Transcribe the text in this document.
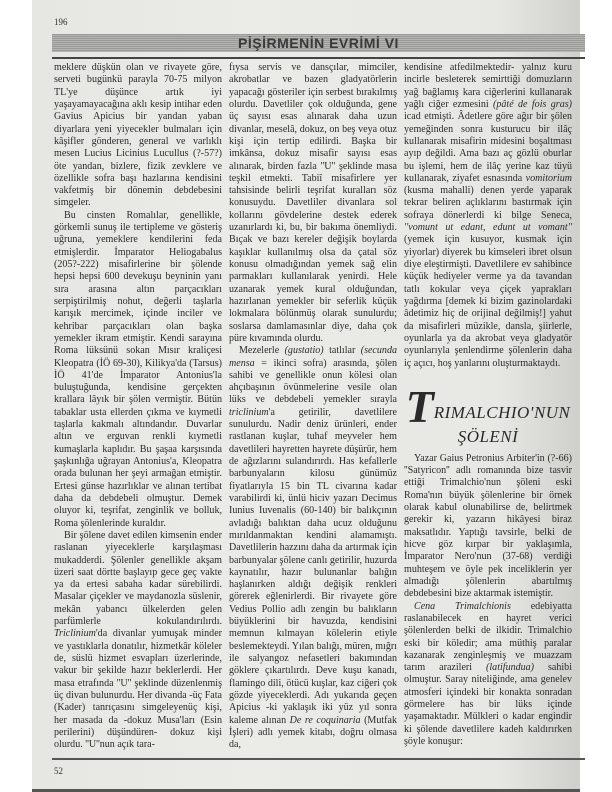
196
PİŞİRMENİN EVRİMİ VI

meklere düşkün olan ve rivayete göre, serveti bugünkü parayla 70-75 milyon TL'ye düşünce artık iyi yaşayamayacağına aklı kesip intihar eden Gavius Apicius bir yandan yaban diyarlara yeni yiyecekler bulmaları için kâşifler gönderen, general ve varlıklı mesen Lucius Licinius Lucullus (?-57?) öte yandan, bizlere, fizik zevklere ve özellikle sofra başı hazlarına kendisini vakfetmiş bir dönemin debdebesini simgeler.

Bu cinsten Romalılar, genellikle, görkemli sunuş ile tertipleme ve gösteriş uğruna, yemeklere kendilerini feda etmişlerdir. İmparator Heliogabalus (205?-222) misafirlerine bir şölende hepsi hepsi 600 devekuşu beyninin yanı sıra arasına altın parçacıkları serpiştirilmiş nohut, değerli taşlarla karışık mercimek, içinde inciler ve kehribar parçacıkları olan başka yemekler ikram etmiştir. Kendi sarayına Roma lüksünü sokan Mısır kraliçesi Kleopatra (İÖ 69-30), Kilikya'da (Tarsus) İÖ 41'de İmparator Antonius'la buluştuğunda, kendisine gerçekten krallara lâyık bir şölen vermiştir. Bütün tabaklar usta ellerden çıkma ve kıymetli taşlarla kakmalı altındandır. Duvarlar altın ve erguvan renkli kıymetli kumaşlarla kaplıdır. Bu şaşaa karşısında şaşkınlığa uğrayan Antonius'a, Kleopatra orada bulunan her şeyi armağan etmiştir. Ertesi günse hazırlıklar ve alınan tertibat daha da debdebeli olmuştur. Demek oluyor ki, teşrifat, zenginlik ve bolluk, Roma şölenlerinde kuraldır.

Bir şölene davet edilen kimsenin ender raslanan yiyeceklerle karşılaşması mukadderdi. Şölenler genellikle akşam üzeri saat dörtte başlayıp gece geç vakte ya da ertesi sabaha kadar sürebilirdi. Masalar çiçekler ve maydanozla süslenir, mekân yabancı ülkelerden gelen parfümlerle kokulandırılırdı. Triclinium'da divanlar yumuşak minder ve yastıklarla donatılır, hizmetkâr köleler de, süslü hizmet esvapları üzerlerinde, vakur bir şekilde hazır beklerlerdi. Her masa etrafında ''U'' şeklinde düzenlenmiş üç divan bulunurdu. Her divanda -üç Fata (Kader) tanrıçasını simgeleyenüç kişi, her masada da -dokuz Musa'ları (Esin perilerini) düşündüren- dokuz kişi olurdu. ''U''nun açık tara-

fıysa servis ve dansçılar, mimciler, akrobatlar ve bazen gladyatörlerin yapacağı gösteriler için serbest bırakılmış olurdu. Davetliler çok olduğunda, gene üç sayısı esas alınarak daha uzun divanlar, meselâ, dokuz, on beş veya otuz kişi için tertip edilirdi. Başka bir imkânsa, dokuz misafir sayısı esas alınarak, birden fazla ''U'' şeklinde masa teşkil etmekti. Tabiî misafirlere yer tahsisinde belirli teşrifat kuralları söz konusuydu. Davetliler divanlara sol kollarını gövdelerine destek ederek uzanırlardı ki, bu, bir bakıma önemliydi. Bıçak ve bazı kereler değişik boylarda kaşıklar kullanılmış olsa da çatal söz konusu olmadığından yemek sağ elin parmakları kullanılarak yenirdi. Hele uzanarak yemek kural olduğundan, hazırlanan yemekler bir seferlik küçük lokmalara bölünmüş olarak sunulurdu; soslarsa damlamasınlar diye, daha çok püre kıvamında olurdu.

Mezelerle (gustatio) tatlılar (secunda mensa = ikinci sofra) arasında, şölen sahibi ve genellikle onun kölesi olan ahçıbaşının övünmelerine vesile olan lüks ve debdebeli yemekler sırayla triclinium'a getirilir, davetlilere sunulurdu. Nadir deniz ürünleri, ender rastlanan kuşlar, tuhaf meyveler hem davetlileri hayretten hayrete düşürür, hem de ağızlarını sulandırırdı. Has kefallerle barbunyaların kilosu günümüz fiyatlarıyla 15 bin TL civarına kadar varabilirdi ki, ünlü hiciv yazarı Decimus Iunius Iuvenalis (60-140) bir balıkçının avladığı balıktan daha ucuz olduğunu mırıldanmaktan kendini alamamıştı. Davetlilerin hazzını daha da artırmak için barbunyalar şölene canlı getirilir, huzurda kaynatılır, hazır bulunanlar balığın haşlanırken aldığı değişik renkleri görerek eğlenirlerdi. Bir rivayete göre Vedius Pollio adlı zengin bu balıkların büyüklerini bir havuzda, kendisini memnun kılmayan kölelerin etiyle beslemekteydi. Yılan balığı, müren, mığrı ile salyangoz nefasetleri bakımından göklere çıkartılırdı. Deve kuşu kanadı, flamingo dili, ötücü kuşlar, kaz ciğeri çok gözde yiyeceklerdi. Adı yukarıda geçen Apicius -ki yaklaşık iki yüz yıl sonra kaleme alınan De re coquinaria (Mutfak İşleri) adlı yemek kitabı, doğru olmasa da,

kendisine atfedilmektedir- yalnız kuru incirle besleterek semirttiği domuzların yağ bağlamış kara ciğerlerini kullanarak yağlı ciğer ezmesini (pâté de fois gras) icad etmişti. Âdetlere göre ağır bir şölen yemeğinden sonra kusturucu bir ilâç kullanarak misafirin midesini boşaltması ayıp değildi. Ama bazı aç gözlü oburlar bu işlemi, hem de ilâç yerine kaz tüyü kullanarak, ziyafet esnasında vomitorium (kusma mahalli) denen yerde yaparak tekrar beliren açlıklarını bastırmak için sofraya dönerlerdi ki bilge Seneca, ''vomunt ut edant, edunt ut vomant'' (yemek için kusuyor, kusmak için yiyorlar) diyerek bu kimseleri ibret olsun diye eleştirmişti. Davetlilere ev sahibince küçük hediyeler verme ya da tavandan tatlı kokular veya çiçek yaprakları yağdırma [demek ki bizim gazinolardaki âdetimiz hiç de orijinal değilmiş!] yahut da misafirleri müzikle, dansla, şiirlerle, oyunlarla ya da akrobat veya gladyatör oyunlarıyla şenlendirme şölenlerin daha iç açıcı, hoş yanlarını oluşturmaktaydı.

TRIMALCHIO'NUN
ŞÖLENİ

Yazar Gaius Petronius Arbiter'in (?-66) ''Satyricon'' adlı romanında bize tasvir ettiği Trimalchio'nun şöleni eski Roma'nın büyük şölenlerine bir örnek olarak kabul olunabilirse de, belirtmek gerekir ki, yazarın hikâyesi biraz maksatlıdır. Yaptığı tavsirle, belki de hicve göz kırpar bir yaklaşımla, İmparator Nero'nun (37-68) verdiği muhteşem ve öyle pek inceliklerin yer almadığı şölenlerin abartılmış debdebesini bize aktarmak istemiştir.

Cena Trimalchionis edebiyatta raslanabilecek en hayret verici şölenlerden belki de ilkidir. Trimalchio eski bir köledir; ama müthiş paralar kazanarak zenginleşmiş ve muazzam tarım arazileri (latifundua) sahibi olmuştur. Saray niteliğinde, ama genelev atmosferi içindeki bir konakta sonradan görmelere has bir lüks içinde yaşamaktadır. Mülkleri o kadar engindir ki şölende davetlilere kadeh kaldırırken şöyle konuşur:

52
